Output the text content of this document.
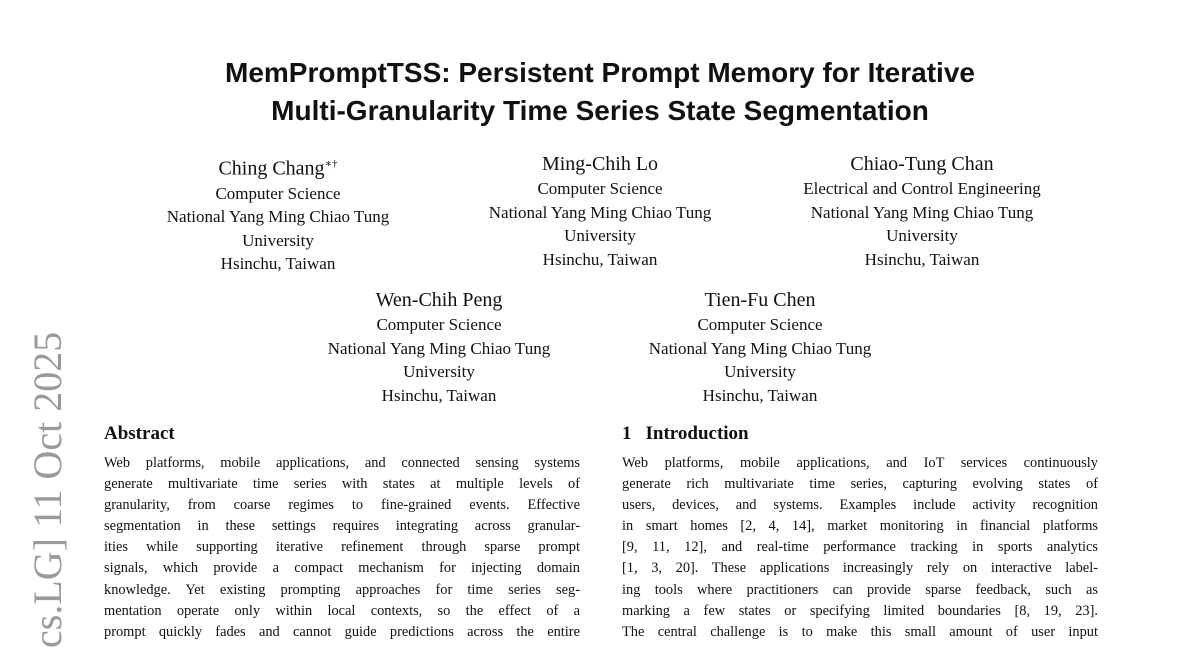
MemPromptTSS: Persistent Prompt Memory for Iterative
Multi-Granularity Time Series State Segmentation
Ching Chang∗†
Computer Science
National Yang Ming Chiao Tung
University
Hsinchu, Taiwan
Ming-Chih Lo
Computer Science
National Yang Ming Chiao Tung
University
Hsinchu, Taiwan
Chiao-Tung Chan
Electrical and Control Engineering
National Yang Ming Chiao Tung
University
Hsinchu, Taiwan
Wen-Chih Peng
Computer Science
National Yang Ming Chiao Tung
University
Hsinchu, Taiwan
Tien-Fu Chen
Computer Science
National Yang Ming Chiao Tung
University
Hsinchu, Taiwan
Abstract
Web platforms, mobile applications, and connected sensing systems
generate multivariate time series with states at multiple levels of
granularity, from coarse regimes to fine-grained events. Effective
segmentation in these settings requires integrating across granular-
ities while supporting iterative refinement through sparse prompt
signals, which provide a compact mechanism for injecting domain
knowledge. Yet existing prompting approaches for time series seg-
mentation operate only within local contexts, so the effect of a
prompt quickly fades and cannot guide predictions across the entire
1 Introduction
Web platforms, mobile applications, and IoT services continuously
generate rich multivariate time series, capturing evolving states of
users, devices, and systems. Examples include activity recognition
in smart homes [2, 4, 14], market monitoring in financial platforms
[9, 11, 12], and real-time performance tracking in sports analytics
[1, 3, 20]. These applications increasingly rely on interactive label-
ing tools where practitioners can provide sparse feedback, such as
marking a few states or specifying limited boundaries [8, 19, 23].
The central challenge is to make this small amount of user input
cs.LG] 11 Oct 2025
